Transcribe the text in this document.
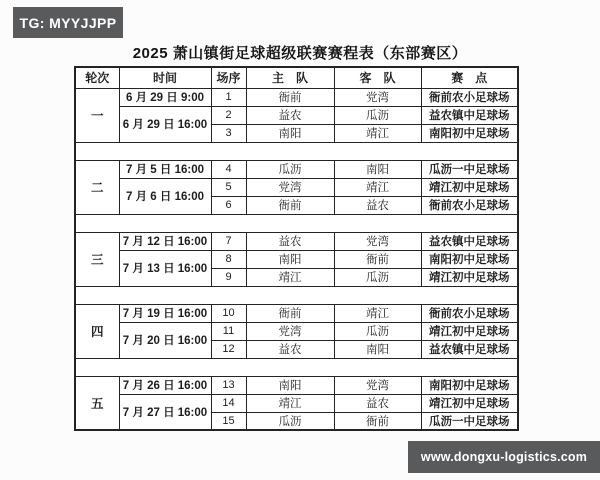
TG: MYYJJPP
2025 萧山镇街足球超级联赛赛程表（东部赛区）
轮次	时间	场序	主　队	客　队	赛　点
一	6 月 29 日 9:00	1	衙前	党湾	衙前农小足球场
	6 月 29 日 16:00	2	益农	瓜沥	益农镇中足球场
		3	南阳	靖江	南阳初中足球场

二	7 月 5 日 16:00	4	瓜沥	南阳	瓜沥一中足球场
	7 月 6 日 16:00	5	党湾	靖江	靖江初中足球场
		6	衙前	益农	衙前农小足球场

三	7 月 12 日 16:00	7	益农	党湾	益农镇中足球场
	7 月 13 日 16:00	8	南阳	衙前	南阳初中足球场
		9	靖江	瓜沥	靖江初中足球场

四	7 月 19 日 16:00	10	衙前	靖江	衙前农小足球场
	7 月 20 日 16:00	11	党湾	瓜沥	靖江初中足球场
		12	益农	南阳	益农镇中足球场

五	7 月 26 日 16:00	13	南阳	党湾	南阳初中足球场
	7 月 27 日 16:00	14	靖江	益农	靖江初中足球场
		15	瓜沥	衙前	瓜沥一中足球场
www.dongxu-logistics.com
